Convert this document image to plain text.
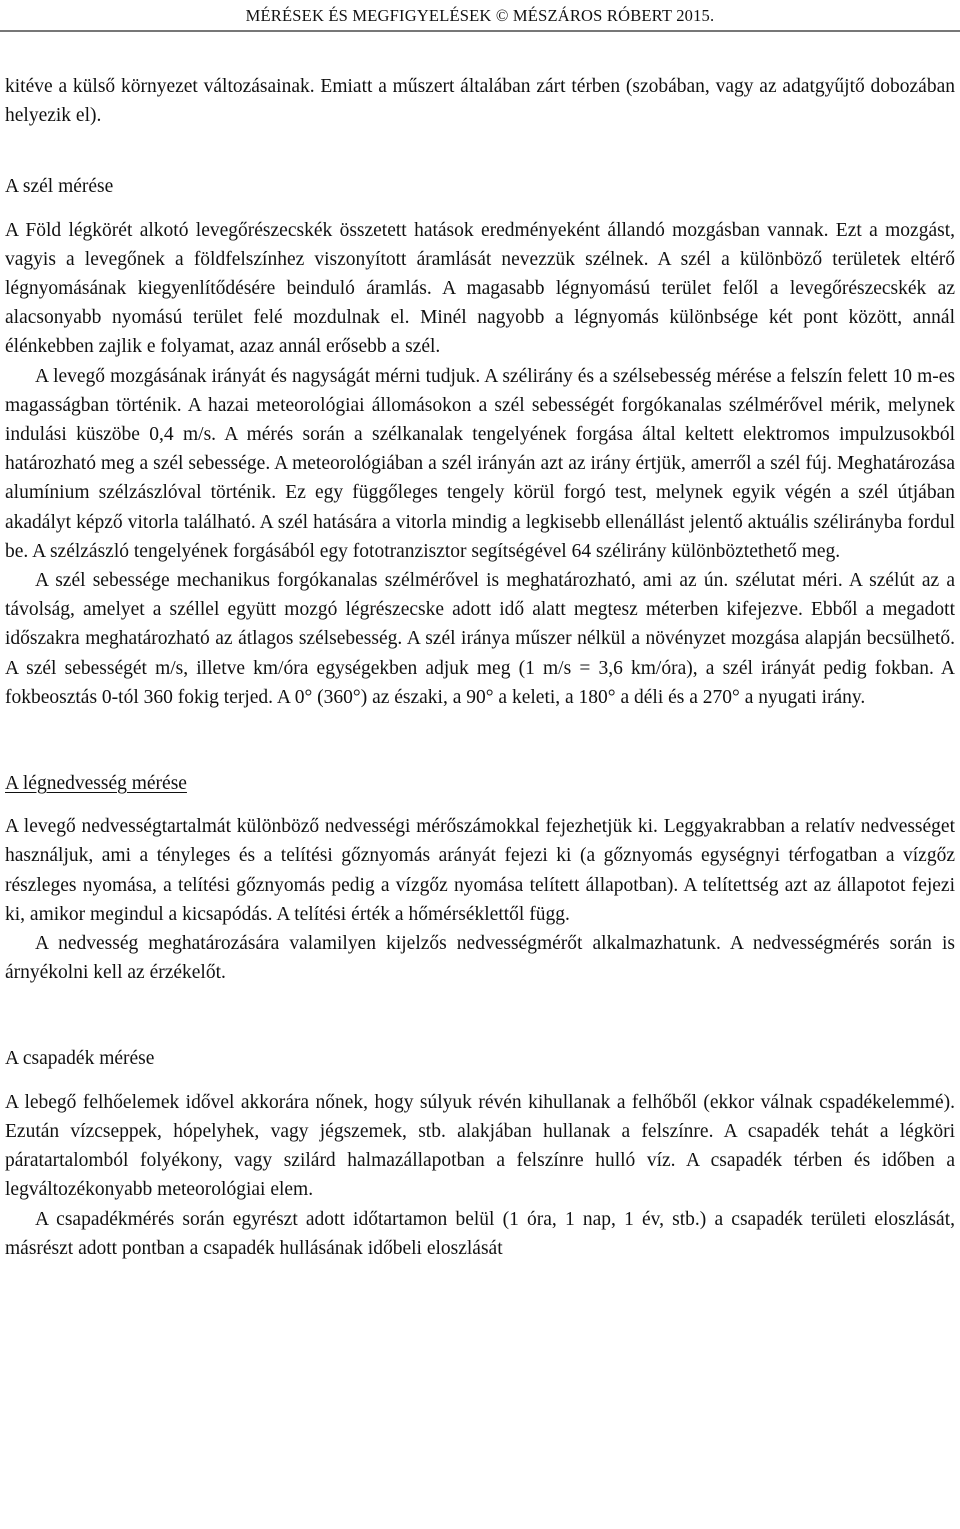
MÉRÉSEK ÉS MEGFIGYELÉSEK © MÉSZÁROS RÓBERT 2015.

kitéve a külső környezet változásainak. Emiatt a műszert általában zárt térben (szobában, vagy az adatgyűjtő dobozában helyezik el).

A szél mérése

A Föld légkörét alkotó levegőrészecskék összetett hatások eredményeként állandó mozgásban vannak. Ezt a mozgást, vagyis a levegőnek a földfelszínhez viszonyított áramlását nevezzük szélnek. A szél a különböző területek eltérő légnyomásának kiegyenlítődésére beinduló áramlás. A magasabb légnyomású terület felől a levegőrészecskék az alacsonyabb nyomású terület felé mozdulnak el. Minél nagyobb a légnyomás különbsége két pont között, annál élénkebben zajlik e folyamat, azaz annál erősebb a szél.

A levegő mozgásának irányát és nagyságát mérni tudjuk. A szélirány és a szélsebesség mérése a felszín felett 10 m-es magasságban történik. A hazai meteorológiai állomásokon a szél sebességét forgókanalas szélmérővel mérik, melynek indulási küszöbe 0,4 m/s. A mérés során a szélkanalak tengelyének forgása által keltett elektromos impulzusokból határozható meg a szél sebessége. A meteorológiában a szél irányán azt az irány értjük, amerről a szél fúj. Meghatározása alumínium szélzászlóval történik. Ez egy függőleges tengely körül forgó test, melynek egyik végén a szél útjában akadályt képző vitorla található. A szél hatására a vitorla mindig a legkisebb ellenállást jelentő aktuális szélirányba fordul be. A szélzászló tengelyének forgásából egy fototranzisztor segítségével 64 szélirány különböztethető meg.

A szél sebessége mechanikus forgókanalas szélmérővel is meghatározható, ami az ún. szélutat méri. A szélút az a távolság, amelyet a széllel együtt mozgó légrészecske adott idő alatt megtesz méterben kifejezve. Ebből a megadott időszakra meghatározható az átlagos szélsebesség. A szél iránya műszer nélkül a növényzet mozgása alapján becsülhető. A szél sebességét m/s, illetve km/óra egységekben adjuk meg (1 m/s = 3,6 km/óra), a szél irányát pedig fokban. A fokbeosztás 0-tól 360 fokig terjed. A 0° (360°) az északi, a 90° a keleti, a 180° a déli és a 270° a nyugati irány.

A légnedvesség mérése

A levegő nedvességtartalmát különböző nedvességi mérőszámokkal fejezhetjük ki. Leggyakrabban a relatív nedvességet használjuk, ami a tényleges és a telítési gőznyomás arányát fejezi ki (a gőznyomás egységnyi térfogatban a vízgőz részleges nyomása, a telítési gőznyomás pedig a vízgőz nyomása telített állapotban). A telítettség azt az állapotot fejezi ki, amikor megindul a kicsapódás. A telítési érték a hőmérséklettől függ.

A nedvesség meghatározására valamilyen kijelzős nedvességmérőt alkalmazhatunk. A nedvességmérés során is árnyékolni kell az érzékelőt.

A csapadék mérése

A lebegő felhőelemek idővel akkorára nőnek, hogy súlyuk révén kihullanak a felhőből (ekkor válnak cspadékelemmé). Ezután vízcseppek, hópelyhek, vagy jégszemek, stb. alakjában hullanak a felszínre. A csapadék tehát a légköri páratartalomból folyékony, vagy szilárd halmazállapotban a felszínre hulló víz. A csapadék térben és időben a legváltozékonyabb meteorológiai elem.

A csapadékmérés során egyrészt adott időtartamon belül (1 óra, 1 nap, 1 év, stb.) a csapadék területi eloszlását, másrészt adott pontban a csapadék hullásának időbeli eloszlását
